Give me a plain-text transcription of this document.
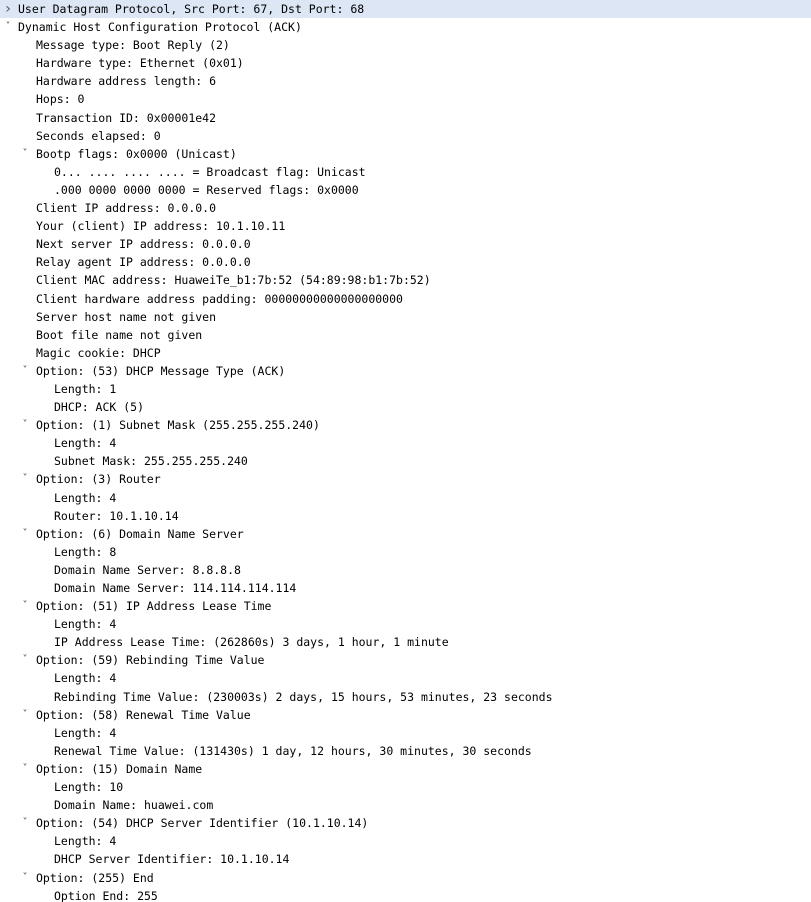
› User Datagram Protocol, Src Port: 67, Dst Port: 68
˅ Dynamic Host Configuration Protocol (ACK)
Message type: Boot Reply (2)
Hardware type: Ethernet (0x01)
Hardware address length: 6
Hops: 0
Transaction ID: 0x00001e42
Seconds elapsed: 0
˅ Bootp flags: 0x0000 (Unicast)
0... .... .... .... = Broadcast flag: Unicast
.000 0000 0000 0000 = Reserved flags: 0x0000
Client IP address: 0.0.0.0
Your (client) IP address: 10.1.10.11
Next server IP address: 0.0.0.0
Relay agent IP address: 0.0.0.0
Client MAC address: HuaweiTe_b1:7b:52 (54:89:98:b1:7b:52)
Client hardware address padding: 00000000000000000000
Server host name not given
Boot file name not given
Magic cookie: DHCP
˅ Option: (53) DHCP Message Type (ACK)
Length: 1
DHCP: ACK (5)
˅ Option: (1) Subnet Mask (255.255.255.240)
Length: 4
Subnet Mask: 255.255.255.240
˅ Option: (3) Router
Length: 4
Router: 10.1.10.14
˅ Option: (6) Domain Name Server
Length: 8
Domain Name Server: 8.8.8.8
Domain Name Server: 114.114.114.114
˅ Option: (51) IP Address Lease Time
Length: 4
IP Address Lease Time: (262860s) 3 days, 1 hour, 1 minute
˅ Option: (59) Rebinding Time Value
Length: 4
Rebinding Time Value: (230003s) 2 days, 15 hours, 53 minutes, 23 seconds
˅ Option: (58) Renewal Time Value
Length: 4
Renewal Time Value: (131430s) 1 day, 12 hours, 30 minutes, 30 seconds
˅ Option: (15) Domain Name
Length: 10
Domain Name: huawei.com
˅ Option: (54) DHCP Server Identifier (10.1.10.14)
Length: 4
DHCP Server Identifier: 10.1.10.14
˅ Option: (255) End
Option End: 255
